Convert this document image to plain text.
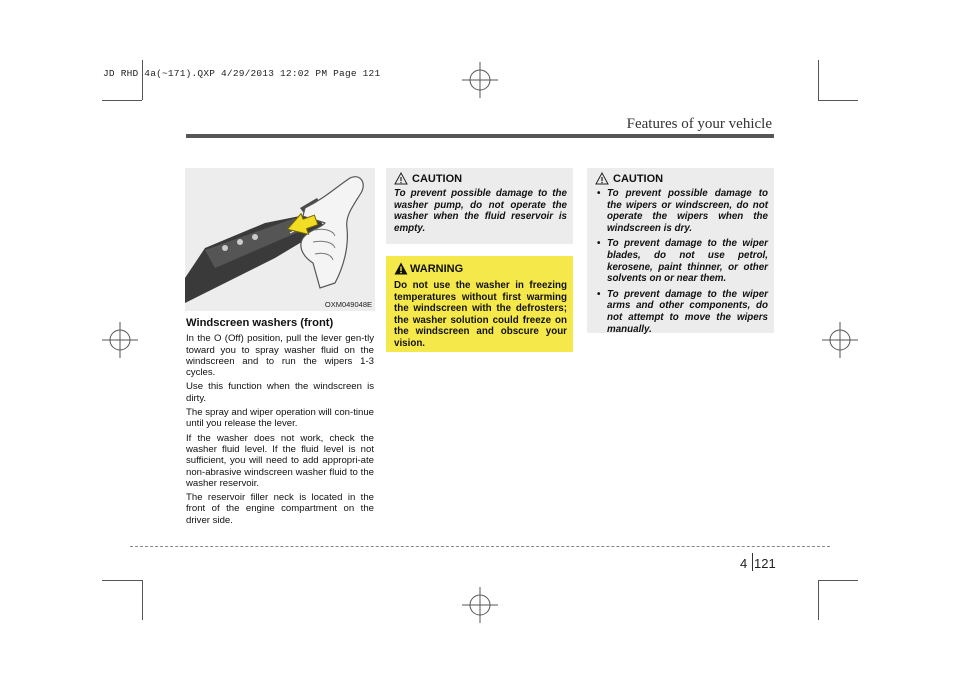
JD RHD 4a(~171).QXP 4/29/2013 12:02 PM Page 121
Features of your vehicle
OXM049048E
Windscreen washers (front)

In the O (Off) position, pull the lever gen-tly toward you to spray washer fluid on the windscreen and to run the wipers 1-3 cycles.

Use this function when the windscreen is dirty.

The spray and wiper operation will con-tinue until you release the lever.

If the washer does not work, check the washer fluid level. If the fluid level is not sufficient, you will need to add appropri-ate non-abrasive windscreen washer fluid to the washer reservoir.

The reservoir filler neck is located in the front of the engine compartment on the driver side.

CAUTION
To prevent possible damage to the washer pump, do not operate the washer when the fluid reservoir is empty.
WARNING
Do not use the washer in freezing temperatures without first warming the windscreen with the defrosters; the washer solution could freeze on the windscreen and obscure your vision.
CAUTION
• To prevent possible damage to the wipers or windscreen, do not operate the wipers when the windscreen is dry.
• To prevent damage to the wiper blades, do not use petrol, kerosene, paint thinner, or other solvents on or near them.
• To prevent damage to the wiper arms and other components, do not attempt to move the wipers manually.
4 121
